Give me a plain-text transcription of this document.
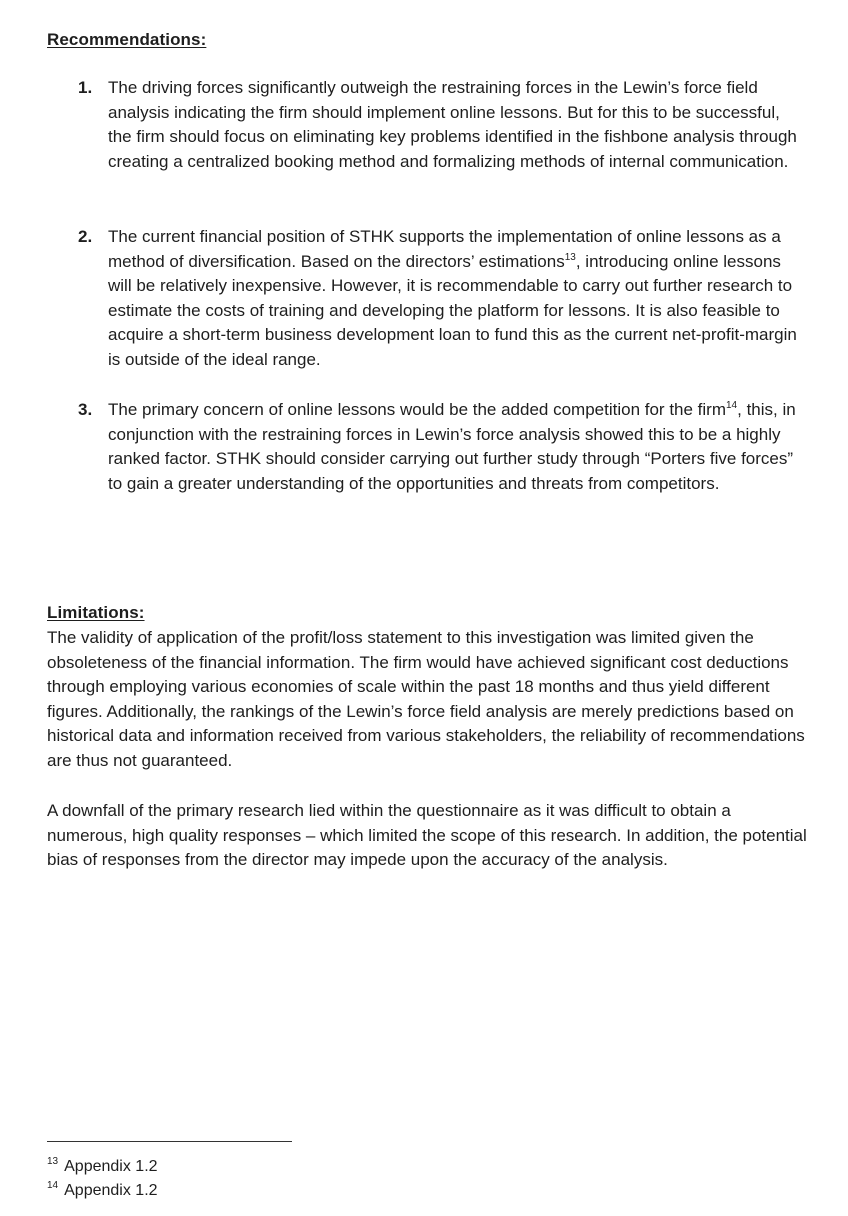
Recommendations:
1. The driving forces significantly outweigh the restraining forces in the Lewin’s force field analysis indicating the firm should implement online lessons. But for this to be successful, the firm should focus on eliminating key problems identified in the fishbone analysis through creating a centralized booking method and formalizing methods of internal communication.
2. The current financial position of STHK supports the implementation of online lessons as a method of diversification. Based on the directors’ estimations$^{13}$, introducing online lessons will be relatively inexpensive. However, it is recommendable to carry out further research to estimate the costs of training and developing the platform for lessons. It is also feasible to acquire a short-term business development loan to fund this as the current net-profit-margin is outside of the ideal range.
3. The primary concern of online lessons would be the added competition for the firm$^{14}$, this, in conjunction with the restraining forces in Lewin’s force analysis showed this to be a highly ranked factor. STHK should consider carrying out further study through “Porters five forces” to gain a greater understanding of the opportunities and threats from competitors.
Limitations:
The validity of application of the profit/loss statement to this investigation was limited given the obsoleteness of the financial information. The firm would have achieved significant cost deductions through employing various economies of scale within the past 18 months and thus yield different figures. Additionally, the rankings of the Lewin’s force field analysis are merely predictions based on historical data and information received from various stakeholders, the reliability of recommendations are thus not guaranteed.
A downfall of the primary research lied within the questionnaire as it was difficult to obtain a numerous, high quality responses – which limited the scope of this research. In addition, the potential bias of responses from the director may impede upon the accuracy of the analysis.
$^{13}$ Appendix 1.2
$^{14}$ Appendix 1.2
